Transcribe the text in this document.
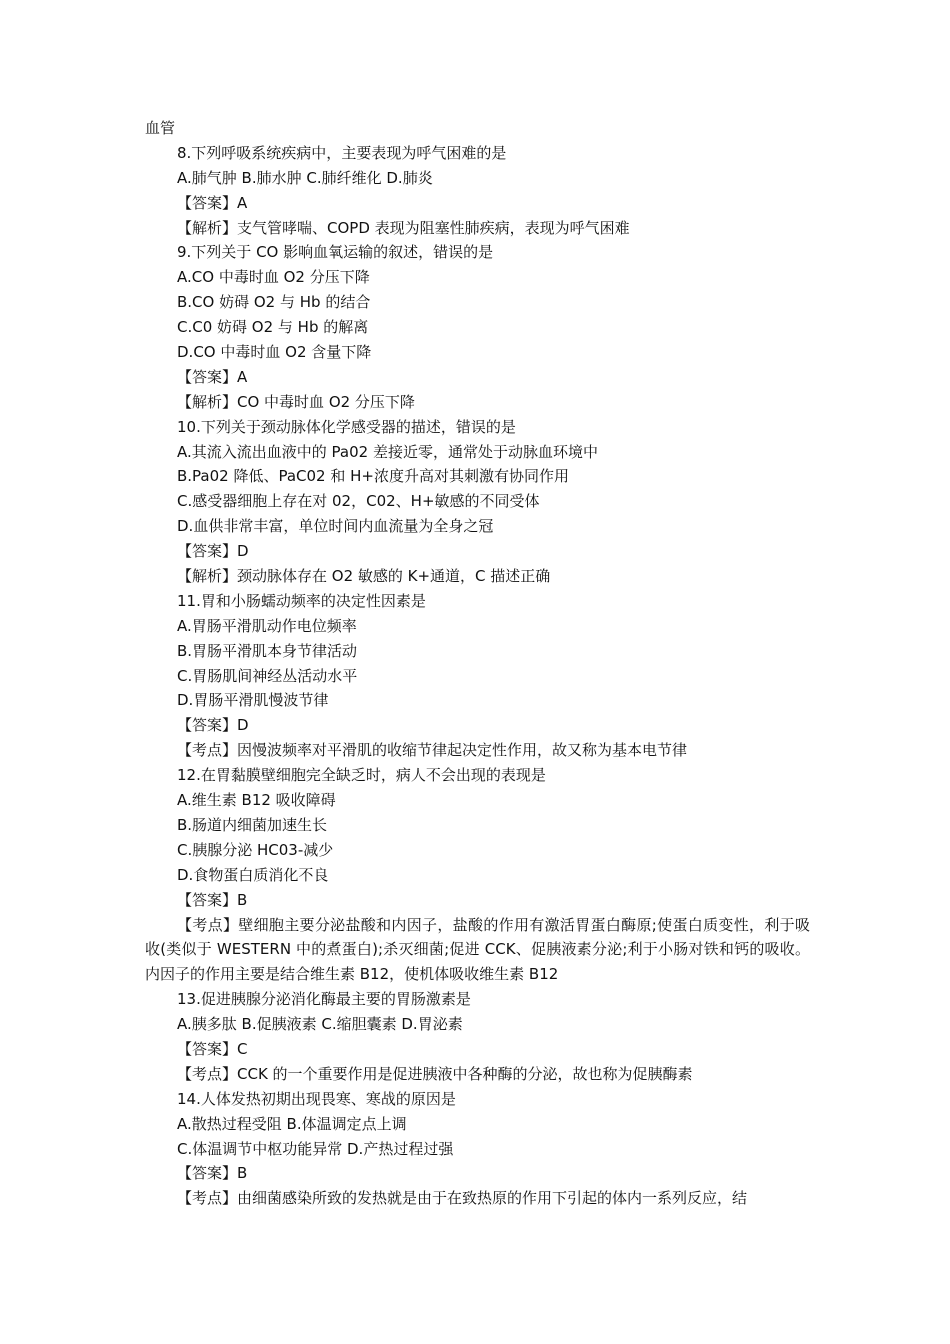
血管
8.下列呼吸系统疾病中，主要表现为呼气困难的是
A.肺气肿 B.肺水肿 C.肺纤维化 D.肺炎
【答案】A
【解析】支气管哮喘、COPD 表现为阻塞性肺疾病，表现为呼气困难
9.下列关于 CO 影响血氧运输的叙述，错误的是
A.CO 中毒时血 O2 分压下降
B.CO 妨碍 O2 与 Hb 的结合
C.C0 妨碍 O2 与 Hb 的解离
D.CO 中毒时血 O2 含量下降
【答案】A
【解析】CO 中毒时血 O2 分压下降
10.下列关于颈动脉体化学感受器的描述，错误的是
A.其流入流出血液中的 Pa02 差接近零，通常处于动脉血环境中
B.Pa02 降低、PaC02 和 H+浓度升高对其刺激有协同作用
C.感受器细胞上存在对 02，C02、H+敏感的不同受体
D.血供非常丰富，单位时间内血流量为全身之冠
【答案】D
【解析】颈动脉体存在 O2 敏感的 K+通道，C 描述正确
11.胃和小肠蠕动频率的决定性因素是
A.胃肠平滑肌动作电位频率
B.胃肠平滑肌本身节律活动
C.胃肠肌间神经丛活动水平
D.胃肠平滑肌慢波节律
【答案】D
【考点】因慢波频率对平滑肌的收缩节律起决定性作用，故又称为基本电节律
12.在胃黏膜壁细胞完全缺乏时，病人不会出现的表现是
A.维生素 B12 吸收障碍
B.肠道内细菌加速生长
C.胰腺分泌 HC03-减少
D.食物蛋白质消化不良
【答案】B
【考点】壁细胞主要分泌盐酸和内因子，盐酸的作用有激活胃蛋白酶原;使蛋白质变性，利于吸收(类似于 WESTERN 中的煮蛋白);杀灭细菌;促进 CCK、促胰液素分泌;利于小肠对铁和钙的吸收。内因子的作用主要是结合维生素 B12，使机体吸收维生素 B12
13.促进胰腺分泌消化酶最主要的胃肠激素是
A.胰多肽 B.促胰液素 C.缩胆囊素 D.胃泌素
【答案】C
【考点】CCK 的一个重要作用是促进胰液中各种酶的分泌，故也称为促胰酶素
14.人体发热初期出现畏寒、寒战的原因是
A.散热过程受阻 B.体温调定点上调
C.体温调节中枢功能异常 D.产热过程过强
【答案】B
【考点】由细菌感染所致的发热就是由于在致热原的作用下引起的体内一系列反应，结
